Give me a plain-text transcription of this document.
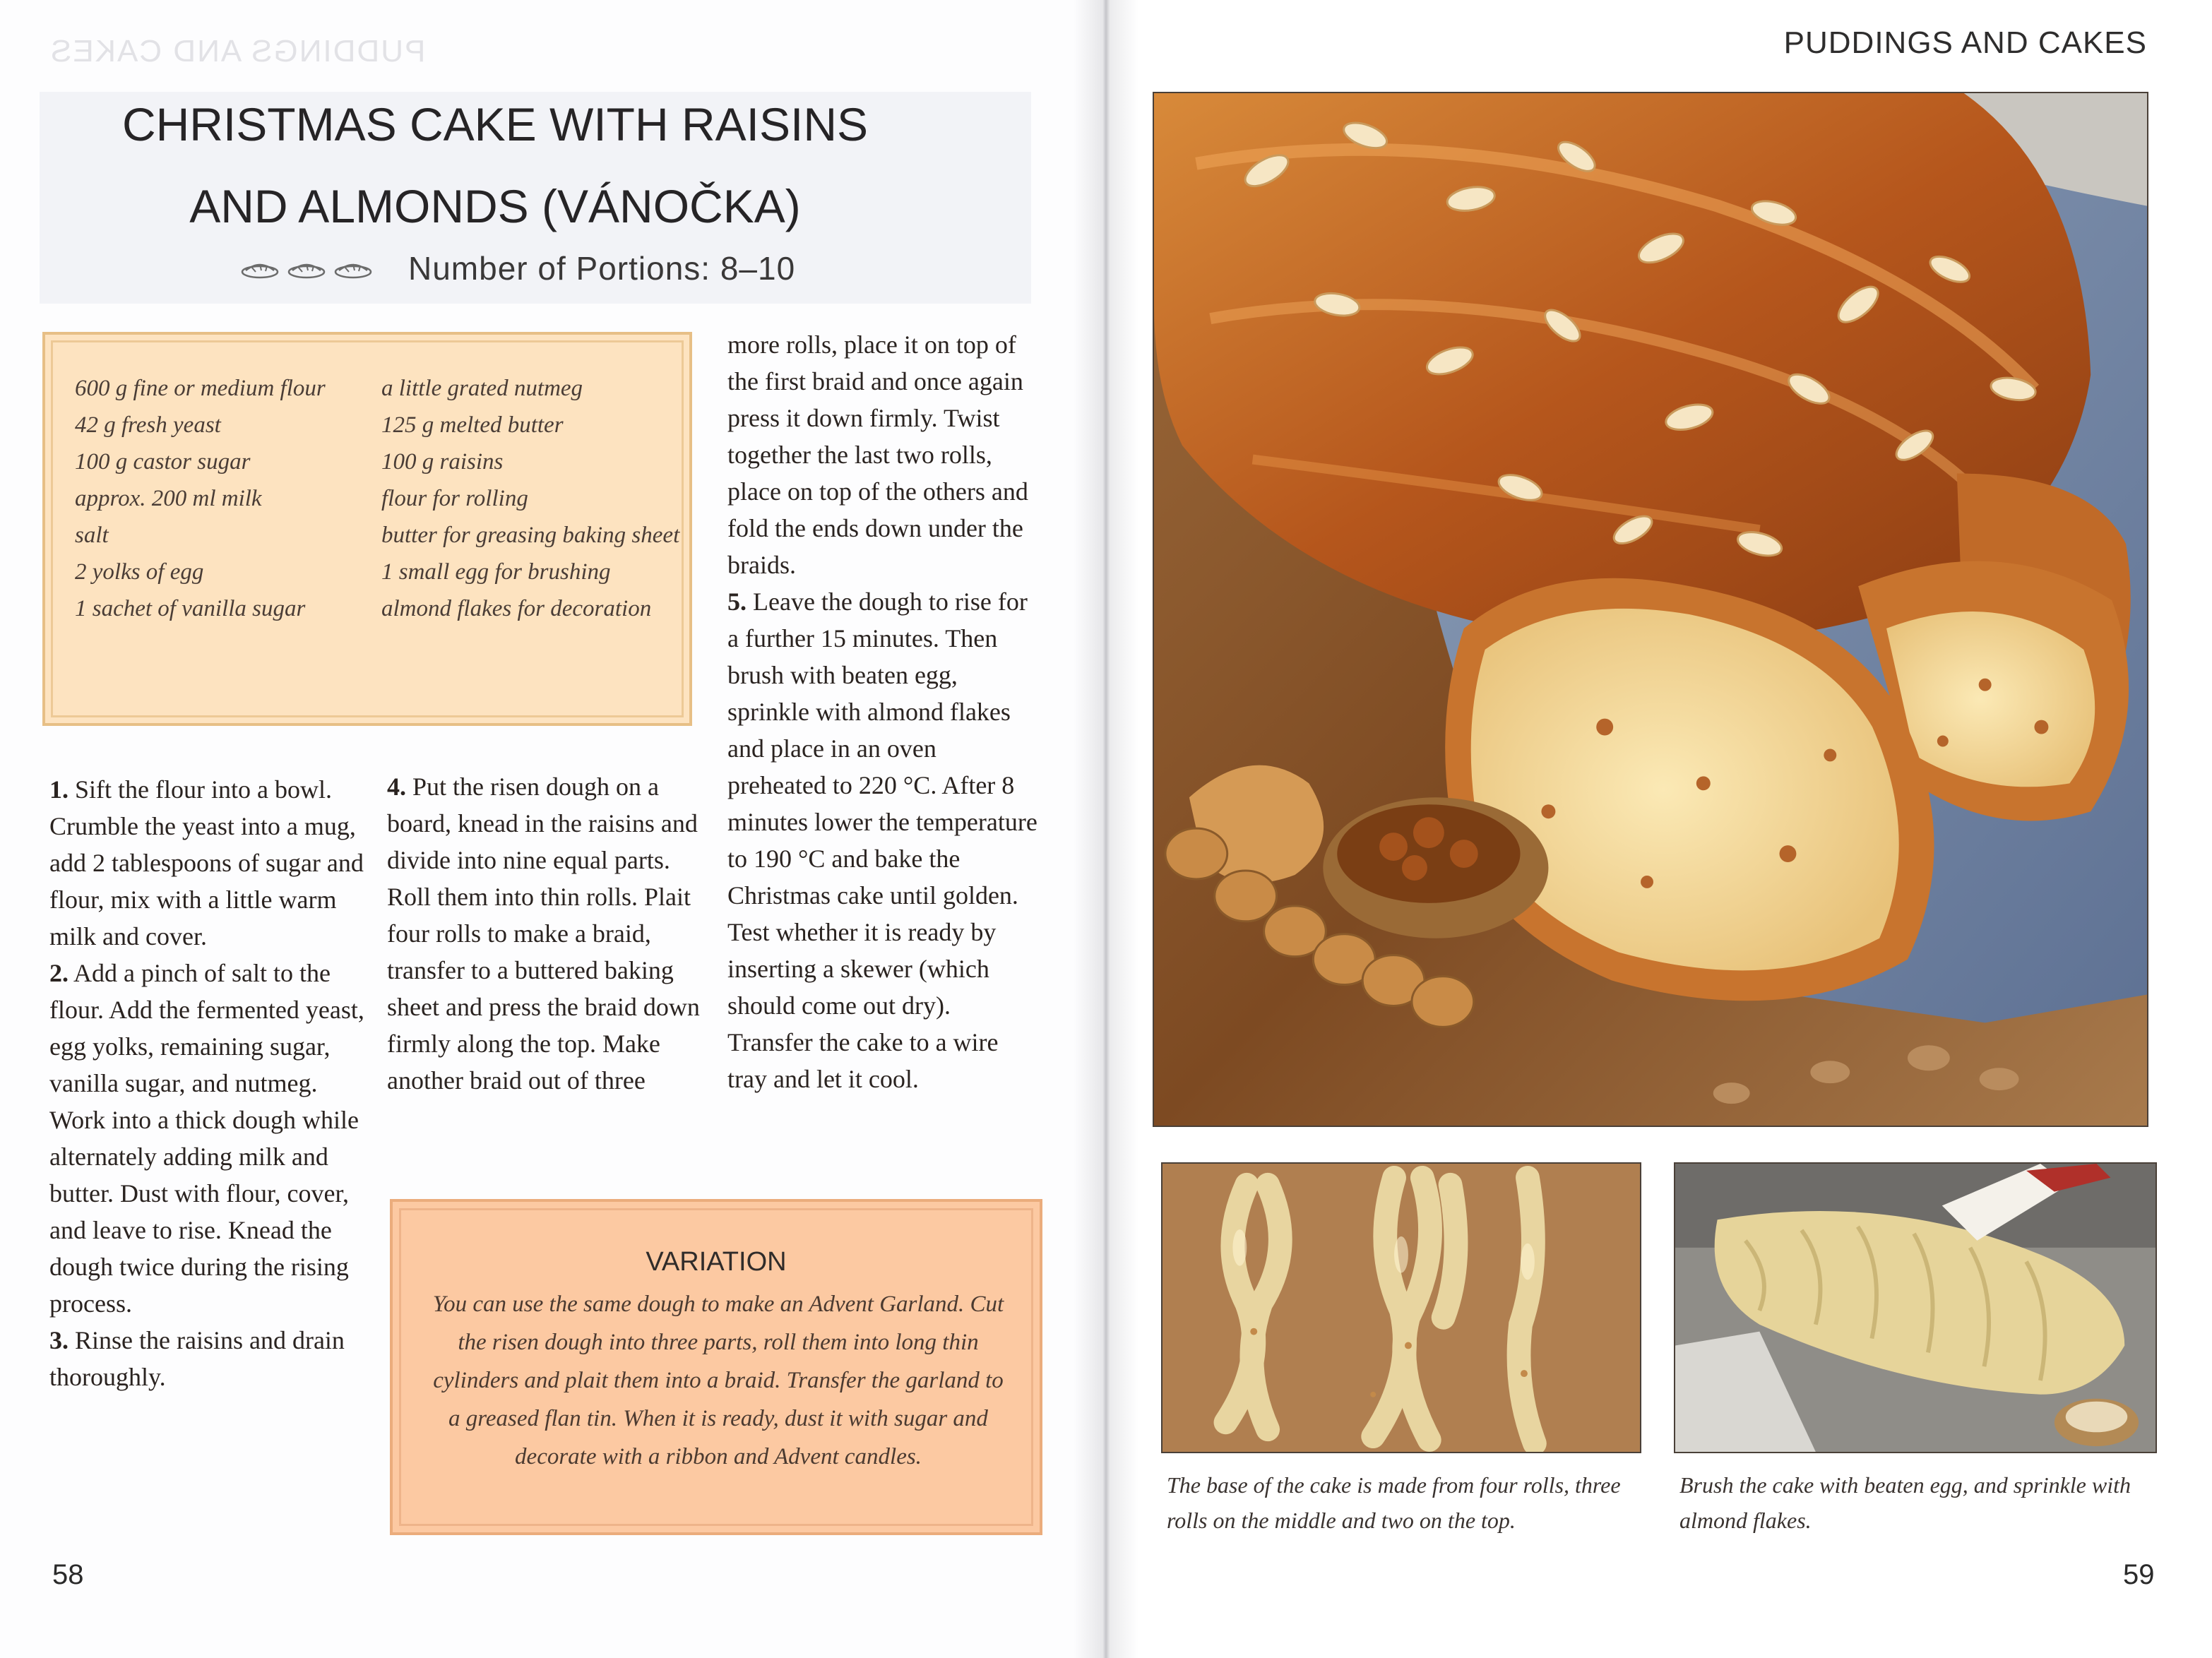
PUDDINGS AND CAKES
CHRISTMAS CAKE WITH RAISINS
AND ALMONDS (VÁNOČKA)
Number of Portions: 8–10
600 g fine or medium flour
42 g fresh yeast
100 g castor sugar
approx. 200 ml milk
salt
2 yolks of egg
1 sachet of vanilla sugar
a little grated nutmeg
125 g melted butter
100 g raisins
flour for rolling
butter for greasing baking sheet
1 small egg for brushing
almond flakes for decoration

1. Sift the flour into a bowl. Crumble the yeast into a mug, add 2 tablespoons of sugar and flour, mix with a little warm milk and cover.

2. Add a pinch of salt to the flour. Add the fermented yeast, egg yolks, remaining sugar, vanilla sugar, and nutmeg. Work into a thick dough while alternately adding milk and butter. Dust with flour, cover, and leave to rise. Knead the dough twice during the rising process.

3. Rinse the raisins and drain thoroughly.

4. Put the risen dough on a board, knead in the raisins and divide into nine equal parts. Roll them into thin rolls. Plait four rolls to make a braid, transfer to a buttered baking sheet and press the braid down firmly along the top. Make another braid out of three

more rolls, place it on top of the first braid and once again press it down firmly. Twist together the last two rolls, place on top of the others and fold the ends down under the braids.

5. Leave the dough to rise for a further 15 minutes. Then brush with beaten egg, sprinkle with almond flakes and place in an oven preheated to 220 °C. After 8 minutes lower the temperature to 190 °C and bake the Christmas cake until golden. Test whether it is ready by inserting a skewer (which should come out dry). Transfer the cake to a wire tray and let it cool.

VARIATION

You can use the same dough to make an Advent Garland. Cut the risen dough into three parts, roll them into long thin cylinders and plait them into a braid. Transfer the garland to a greased flan tin. When it is ready, dust it with sugar and decorate with a ribbon and Advent candles.

58
PUDDINGS AND CAKES

The base of the cake is made from four rolls, three rolls on the middle and two on the top.

Brush the cake with beaten egg, and sprinkle with almond flakes.

59
